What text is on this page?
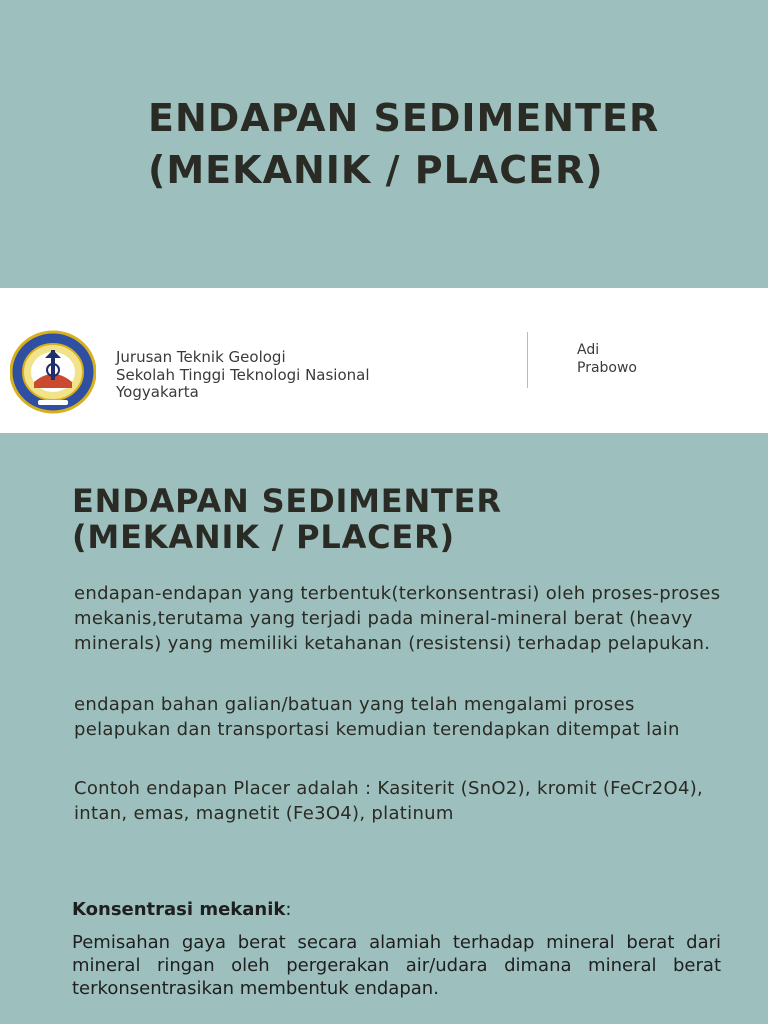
ENDAPAN SEDIMENTER
(MEKANIK / PLACER)
Jurusan Teknik Geologi
Sekolah Tinggi Teknologi Nasional
Yogyakarta
Adi
Prabowo
ENDAPAN SEDIMENTER
(MEKANIK / PLACER)

endapan-endapan yang terbentuk(terkonsentrasi) oleh proses-proses mekanis,terutama yang terjadi pada mineral-mineral berat (heavy minerals) yang memiliki ketahanan (resistensi) terhadap pelapukan.

endapan bahan galian/batuan yang telah mengalami proses pelapukan dan transportasi kemudian terendapkan ditempat lain

Contoh endapan Placer adalah : Kasiterit (SnO2), kromit (FeCr2O4), intan, emas, magnetit (Fe3O4), platinum

Konsentrasi mekanik:

Pemisahan gaya berat secara alamiah terhadap mineral berat dari mineral ringan oleh pergerakan air/udara dimana mineral berat terkonsentrasikan membentuk endapan.
